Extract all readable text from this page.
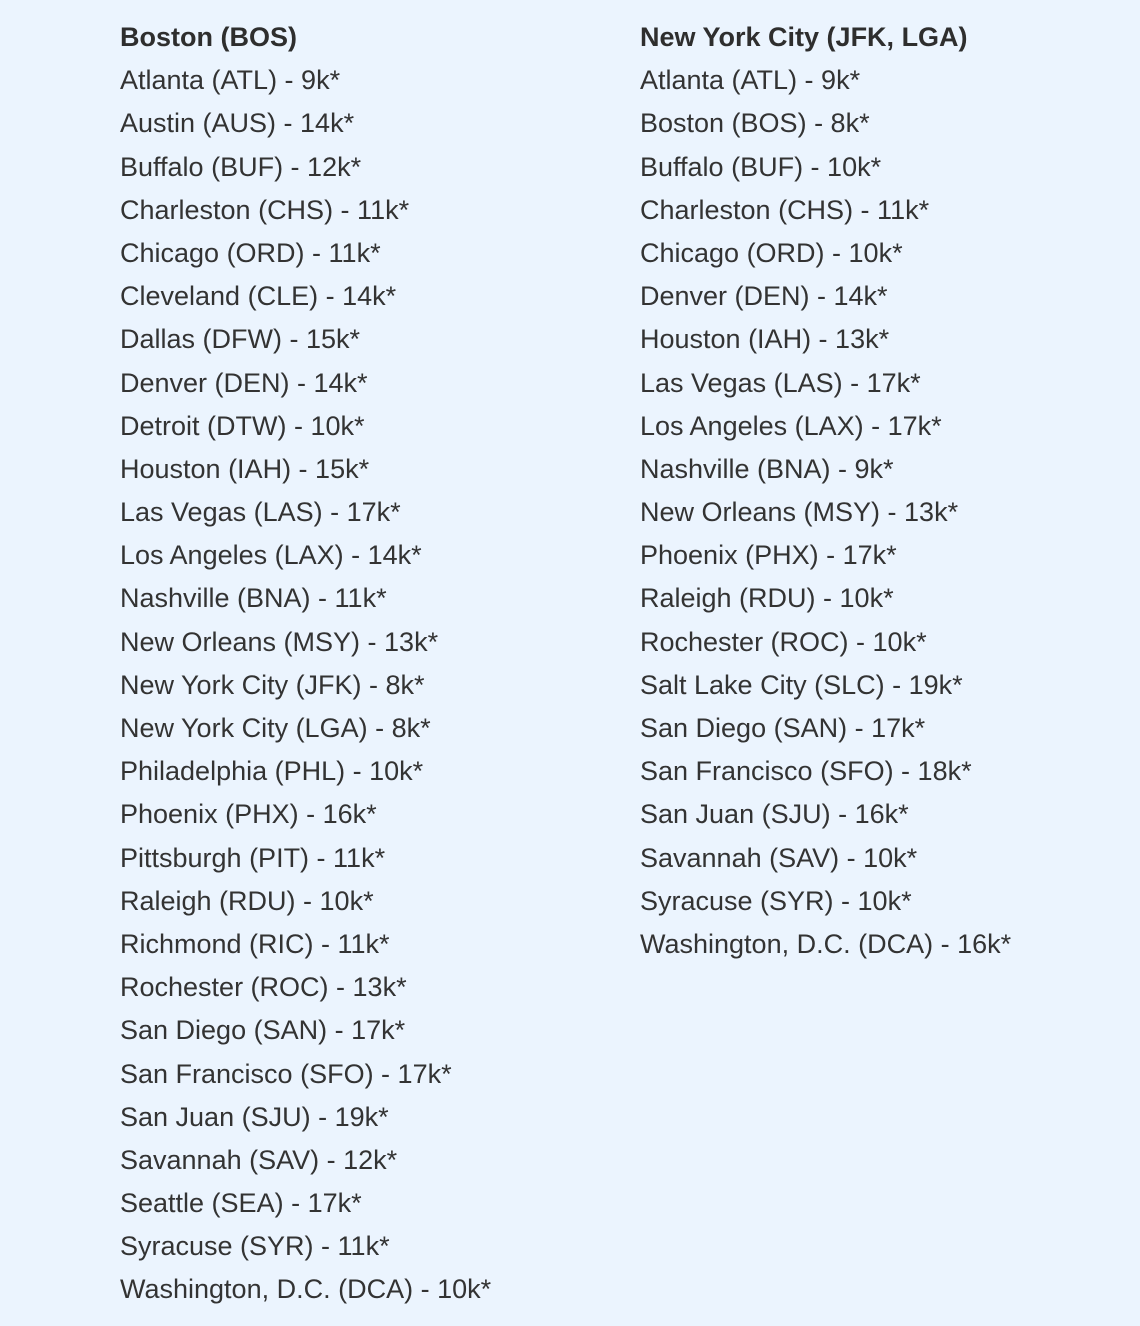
Boston (BOS)
Atlanta (ATL) - 9k*
Austin (AUS) - 14k*
Buffalo (BUF) - 12k*
Charleston (CHS) - 11k*
Chicago (ORD) - 11k*
Cleveland (CLE) - 14k*
Dallas (DFW) - 15k*
Denver (DEN) - 14k*
Detroit (DTW) - 10k*
Houston (IAH) - 15k*
Las Vegas (LAS) - 17k*
Los Angeles (LAX) - 14k*
Nashville (BNA) - 11k*
New Orleans (MSY) - 13k*
New York City (JFK) - 8k*
New York City (LGA) - 8k*
Philadelphia (PHL) - 10k*
Phoenix (PHX) - 16k*
Pittsburgh (PIT) - 11k*
Raleigh (RDU) - 10k*
Richmond (RIC) - 11k*
Rochester (ROC) - 13k*
San Diego (SAN) - 17k*
San Francisco (SFO) - 17k*
San Juan (SJU) - 19k*
Savannah (SAV) - 12k*
Seattle (SEA) - 17k*
Syracuse (SYR) - 11k*
Washington, D.C. (DCA) - 10k*
New York City (JFK, LGA)
Atlanta (ATL) - 9k*
Boston (BOS) - 8k*
Buffalo (BUF) - 10k*
Charleston (CHS) - 11k*
Chicago (ORD) - 10k*
Denver (DEN) - 14k*
Houston (IAH) - 13k*
Las Vegas (LAS) - 17k*
Los Angeles (LAX) - 17k*
Nashville (BNA) - 9k*
New Orleans (MSY) - 13k*
Phoenix (PHX) - 17k*
Raleigh (RDU) - 10k*
Rochester (ROC) - 10k*
Salt Lake City (SLC) - 19k*
San Diego (SAN) - 17k*
San Francisco (SFO) - 18k*
San Juan (SJU) - 16k*
Savannah (SAV) - 10k*
Syracuse (SYR) - 10k*
Washington, D.C. (DCA) - 16k*
